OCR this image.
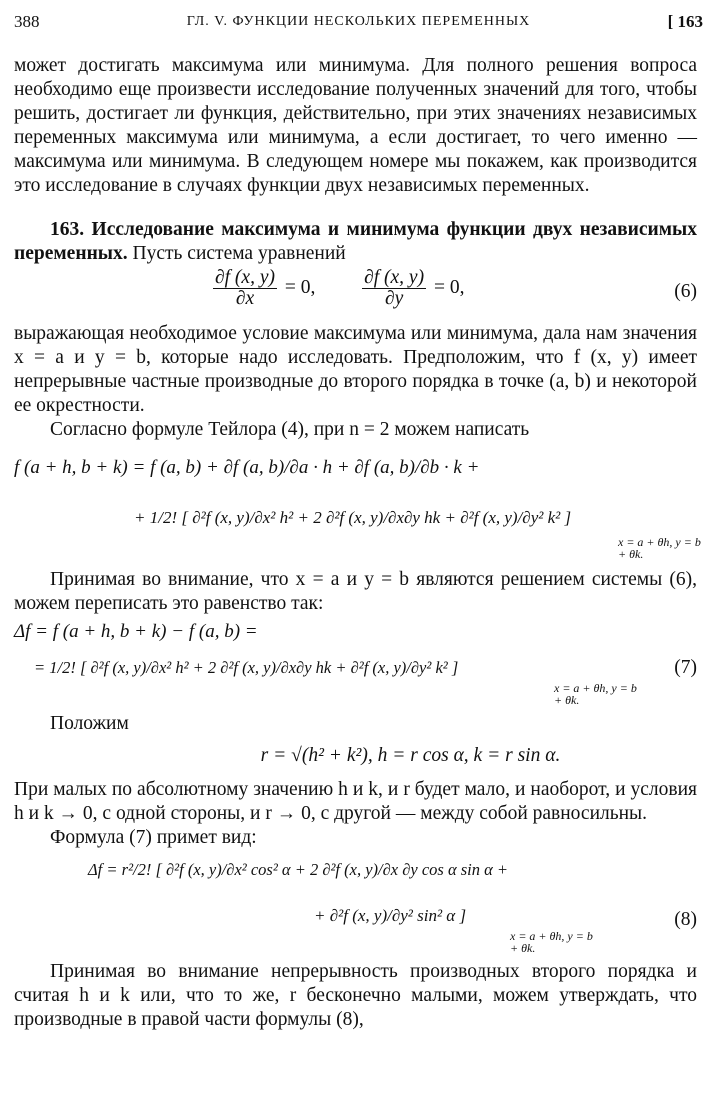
388	ГЛ. V. ФУНКЦИИ НЕСКОЛЬКИХ ПЕРЕМЕННЫХ	[ 163

может достигать максимума или минимума. Для полного решения вопроса необходимо еще произвести исследование полученных значений для того, чтобы решить, достигает ли функция, действительно, при этих значениях независимых переменных максимума или минимума, а если достигает, то чего именно — максимума или минимума. В следующем номере мы покажем, как производится это исследование в случаях функции двух независимых переменных.

163. Исследование максимума и минимума функции двух независимых переменных. Пусть система уравнений

$\frac{\partial f (x, y)}{\partial x} = 0$, $\frac{\partial f (x, y)}{\partial y} = 0$,	(6)

выражающая необходимое условие максимума или минимума, дала нам значения x = a и y = b, которые надо исследовать. Предположим, что f (x, y) имеет непрерывные частные производные до второго порядка в точке (a, b) и некоторой ее окрестности.

Согласно формуле Тейлора (4), при n = 2 можем написать

f (a + h, b + k) = f (a, b) + ∂f (a, b)/∂a · h + ∂f (a, b)/∂b · k +
+ 1/2! [ ∂²f (x, y)/∂x² h² + 2 ∂²f (x, y)/∂x∂y hk + ∂²f (x, y)/∂y² k² ]
x = a + θh, y = b + θk.

Принимая во внимание, что x = a и y = b являются решением системы (6), можем переписать это равенство так:

Δf = f (a + h, b + k) − f (a, b) =
= 1/2! [ ∂²f (x, y)/∂x² h² + 2 ∂²f (x, y)/∂x∂y hk + ∂²f (x, y)/∂y² k² ]
x = a + θh, y = b + θk.
(7)

Положим

r = √(h² + k²), h = r cos α, k = r sin α.

При малых по абсолютному значению h и k, и r будет мало, и наоборот, и условия h и k → 0, с одной стороны, и r → 0, с другой — между собой равносильны.

Формула (7) примет вид:

Δf = r²/2! [ ∂²f (x, y)/∂x² cos² α + 2 ∂²f (x, y)/∂x ∂y cos α sin α +
+ ∂²f (x, y)/∂y² sin² α ]
x = a + θh, y = b + θk.
(8)

Принимая во внимание непрерывность производных второго порядка и считая h и k или, что то же, r бесконечно малыми, можем утверждать, что производные в правой части формулы (8),
